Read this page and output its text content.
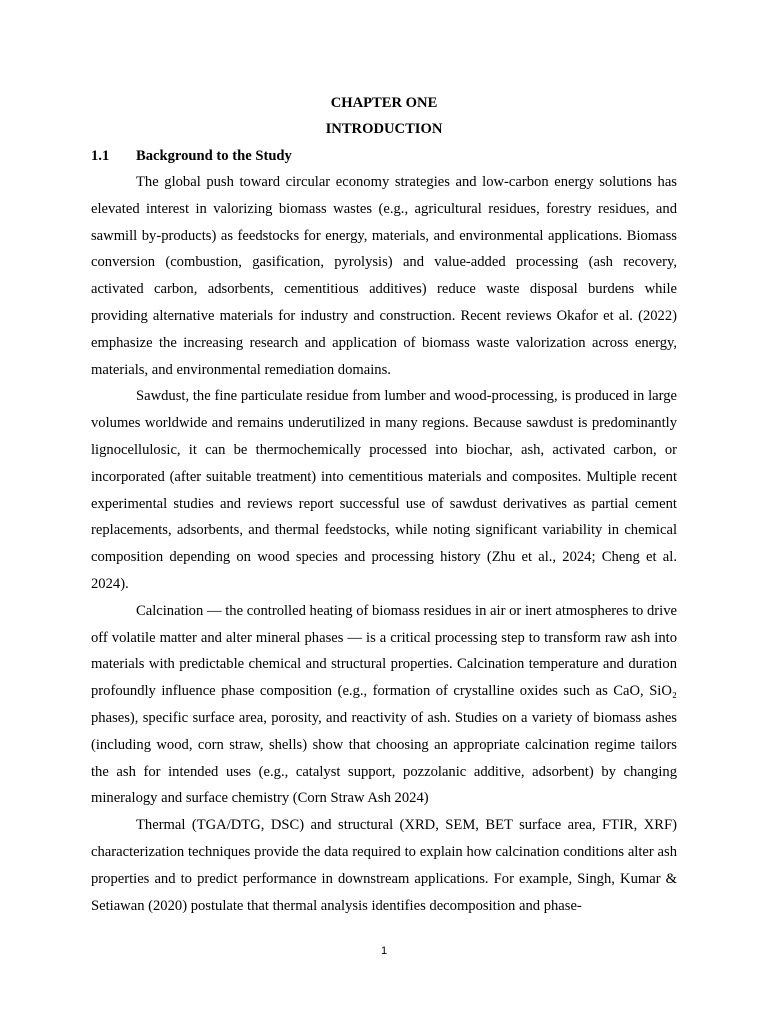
CHAPTER ONE
INTRODUCTION
1.1 Background to the Study

The global push toward circular economy strategies and low-carbon energy solutions has elevated interest in valorizing biomass wastes (e.g., agricultural residues, forestry residues, and sawmill by-products) as feedstocks for energy, materials, and environmental applications. Biomass conversion (combustion, gasification, pyrolysis) and value-added processing (ash recovery, activated carbon, adsorbents, cementitious additives) reduce waste disposal burdens while providing alternative materials for industry and construction. Recent reviews Okafor et al. (2022) emphasize the increasing research and application of biomass waste valorization across energy, materials, and environmental remediation domains.

Sawdust, the fine particulate residue from lumber and wood-processing, is produced in large volumes worldwide and remains underutilized in many regions. Because sawdust is predominantly lignocellulosic, it can be thermochemically processed into biochar, ash, activated carbon, or incorporated (after suitable treatment) into cementitious materials and composites. Multiple recent experimental studies and reviews report successful use of sawdust derivatives as partial cement replacements, adsorbents, and thermal feedstocks, while noting significant variability in chemical composition depending on wood species and processing history (Zhu et al., 2024; Cheng et al. 2024).

Calcination — the controlled heating of biomass residues in air or inert atmospheres to drive off volatile matter and alter mineral phases — is a critical processing step to transform raw ash into materials with predictable chemical and structural properties. Calcination temperature and duration profoundly influence phase composition (e.g., formation of crystalline oxides such as CaO, SiO₂ phases), specific surface area, porosity, and reactivity of ash. Studies on a variety of biomass ashes (including wood, corn straw, shells) show that choosing an appropriate calcination regime tailors the ash for intended uses (e.g., catalyst support, pozzolanic additive, adsorbent) by changing mineralogy and surface chemistry (Corn Straw Ash 2024)

Thermal (TGA/DTG, DSC) and structural (XRD, SEM, BET surface area, FTIR, XRF) characterization techniques provide the data required to explain how calcination conditions alter ash properties and to predict performance in downstream applications. For example, Singh, Kumar & Setiawan (2020) postulate that thermal analysis identifies decomposition and phase-

1
